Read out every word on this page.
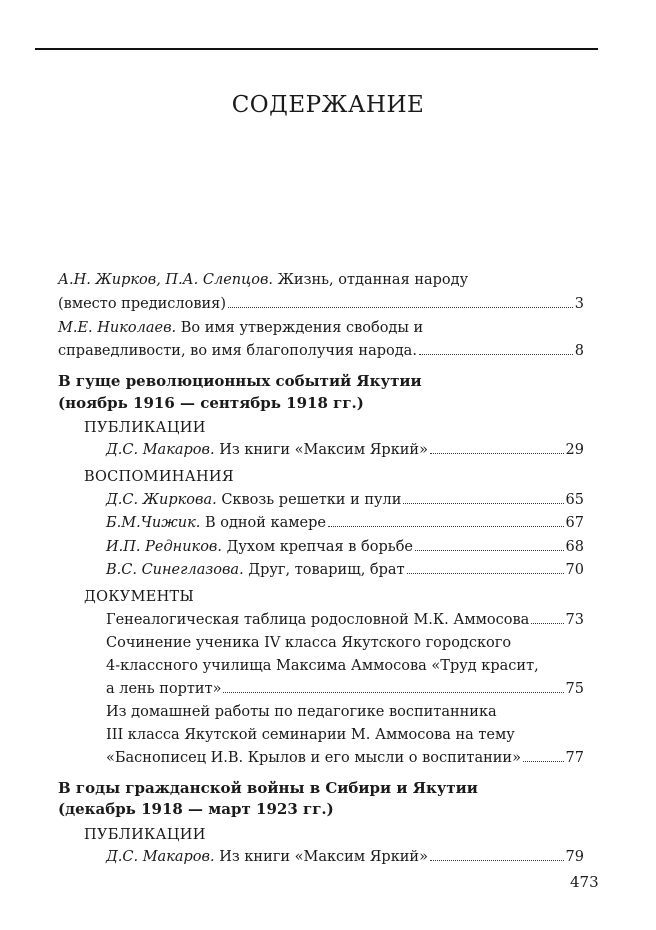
СОДЕРЖАНИЕ
А.Н. Жирков, П.А. Слепцов. Жизнь, отданная народу
(вместо предисловия)	3
М.Е. Николаев. Во имя утверждения свободы и
справедливости, во имя благополучия народа.	8
В гуще революционных событий Якутии
(ноябрь 1916 — сентябрь 1918 гг.)
ПУБЛИКАЦИИ
Д.С. Макаров. Из книги «Максим Яркий»	29
ВОСПОМИНАНИЯ
Д.С. Жиркова. Сквозь решетки и пули	65
Б.М.Чижик. В одной камере	67
И.П. Редников. Духом крепчая в борьбе	68
В.С. Синеглазова. Друг, товарищ, брат	70
ДОКУМЕНТЫ
Генеалогическая таблица родословной М.К. Аммосова	73
Сочинение ученика IV класса Якутского городского
4-классного училища Максима Аммосова «Труд красит,
а лень портит»	75
Из домашней работы по педагогике воспитанника
III класса Якутской семинарии М. Аммосова на тему
«Баснописец И.В. Крылов и его мысли о воспитании»	77
В годы гражданской войны в Сибири и Якутии
(декабрь 1918 — март 1923 гг.)
ПУБЛИКАЦИИ
Д.С. Макаров. Из книги «Максим Яркий»	79
473
